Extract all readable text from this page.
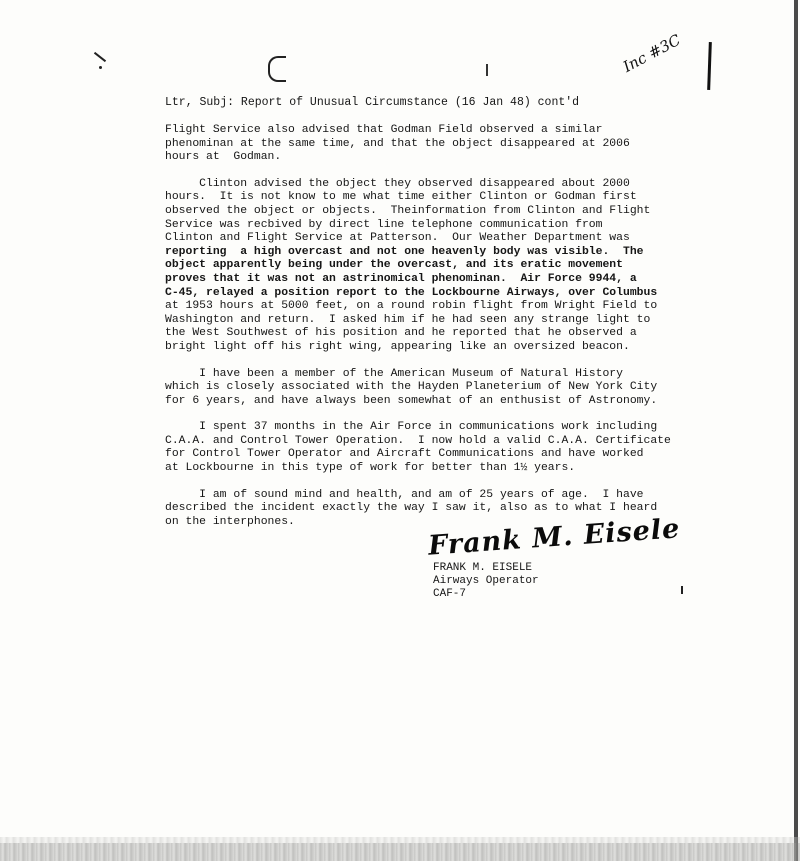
Inc #3C
Ltr, Subj: Report of Unusual Circumstance (16 Jan 48) cont'd
Flight Service also advised that Godman Field observed a similar
phenominan at the same time, and that the object disappeared at 2006
hours at  Godman.
Clinton advised the object they observed disappeared about 2000
hours.  It is not know to me what time either Clinton or Godman first
observed the object or objects.  Theinformation from Clinton and Flight
Service was recbived by direct line telephone communication from
Clinton and Flight Service at Patterson.  Our Weather Department was
reporting  a high overcast and not one heavenly body was visible.  The
object apparently being under the overcast, and its eratic movement
proves that it was not an astrinomical phenominan.  Air Force 9944, a
C-45, relayed a position report to the Lockbourne Airways, over Columbus
at 1953 hours at 5000 feet, on a round robin flight from Wright Field to
Washington and return.  I asked him if he had seen any strange light to
the West Southwest of his position and he reported that he observed a
bright light off his right wing, appearing like an oversized beacon.
I have been a member of the American Museum of Natural History
which is closely associated with the Hayden Planeterium of New York City
for 6 years, and have always been somewhat of an enthusist of Astronomy.
I spent 37 months in the Air Force in communications work including
C.A.A. and Control Tower Operation.  I now hold a valid C.A.A. Certificate
for Control Tower Operator and Aircraft Communications and have worked
at Lockbourne in this type of work for better than 1½ years.
I am of sound mind and health, and am of 25 years of age.  I have
described the incident exactly the way I saw it, also as to what I heard
on the interphones.	Frank M. Eisele
FRANK M. EISELE
Airways Operator
CAF-7
